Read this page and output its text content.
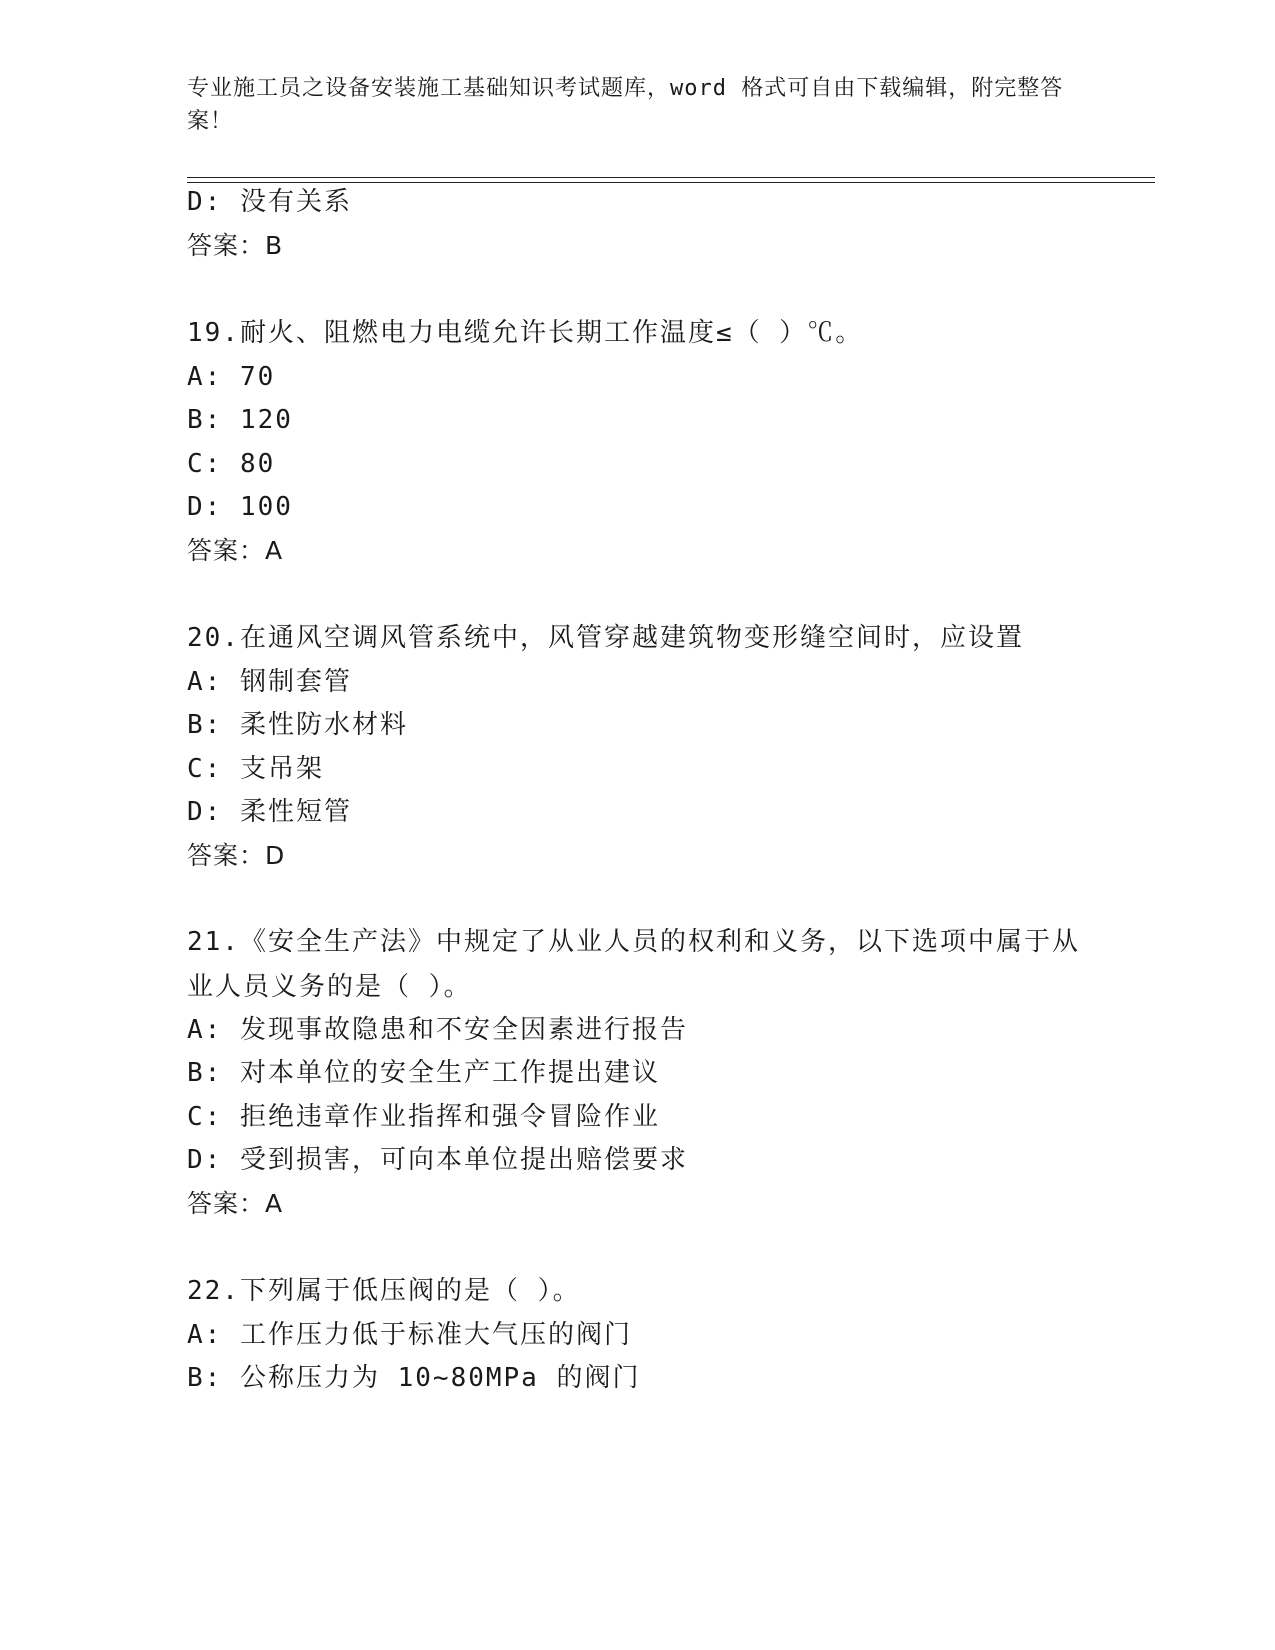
专业施工员之设备安装施工基础知识考试题库，word 格式可自由下载编辑，附完整答案！
D: 没有关系
答案：B
19.耐火、阻燃电力电缆允许长期工作温度≤（ ）℃。
A: 70
B: 120
C: 80
D: 100
答案：A
20.在通风空调风管系统中，风管穿越建筑物变形缝空间时，应设置
A: 钢制套管
B: 柔性防水材料
C: 支吊架
D: 柔性短管
答案：D
21.《安全生产法》中规定了从业人员的权利和义务，以下选项中属于从业人员义务的是（ ）。
A: 发现事故隐患和不安全因素进行报告
B: 对本单位的安全生产工作提出建议
C: 拒绝违章作业指挥和强令冒险作业
D: 受到损害，可向本单位提出赔偿要求
答案：A
22.下列属于低压阀的是（ ）。
A: 工作压力低于标准大气压的阀门
B: 公称压力为 10~80MPa 的阀门
